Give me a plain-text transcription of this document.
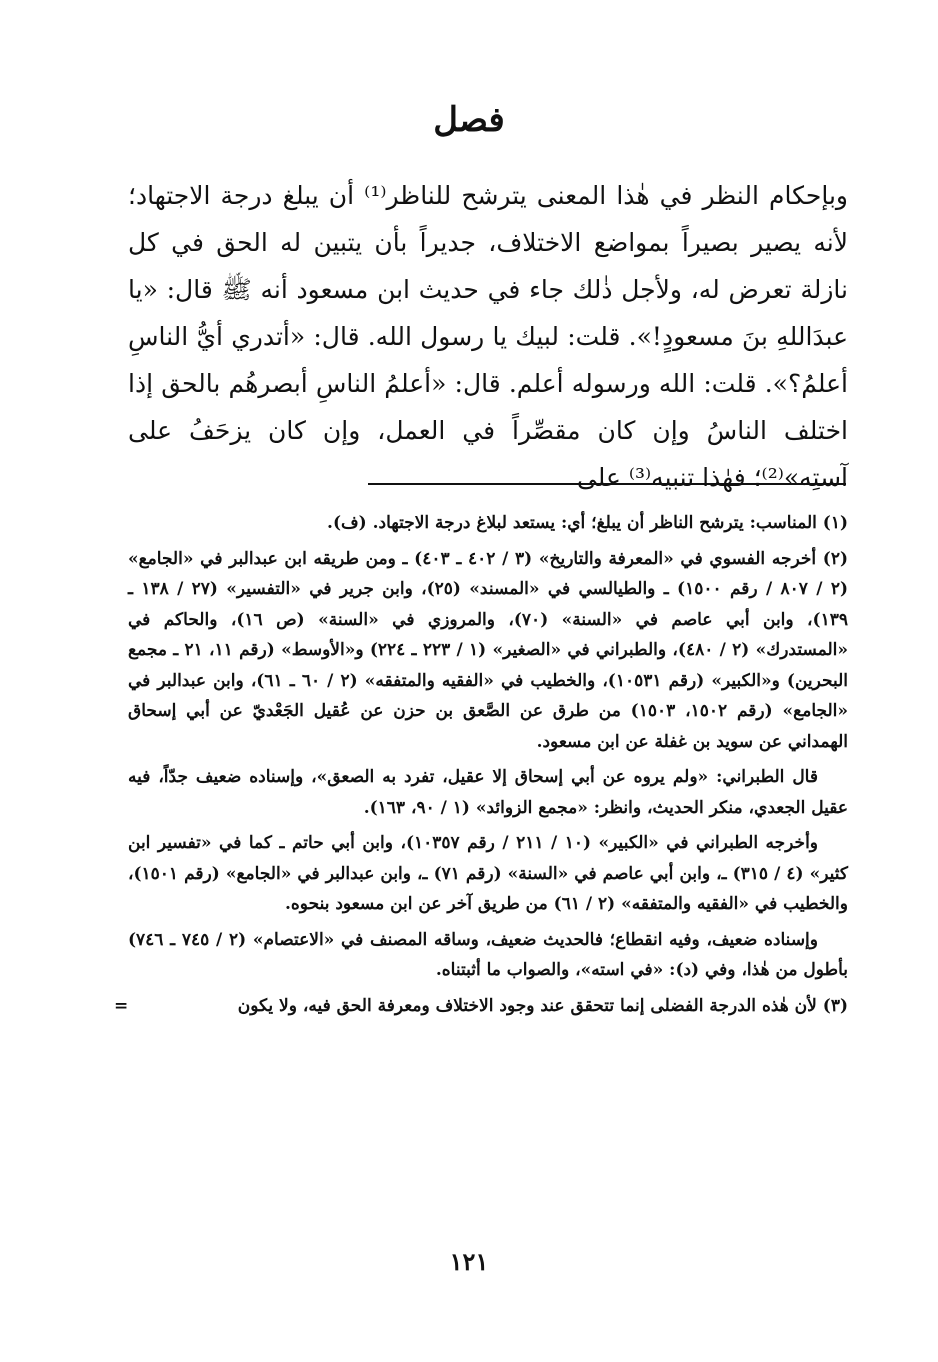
فصل

وبإحكام النظر في هٰذا المعنى يترشح للناظر⁽¹⁾ أن يبلغ درجة الاجتهاد؛ لأنه يصير بصيراً بمواضع الاختلاف، جديراً بأن يتبين له الحق في كل نازلة تعرض له، ولأجل ذٰلك جاء في حديث ابن مسعود أنه ﷺ قال: «يا عبدَاللهِ بنَ مسعودٍ!». قلت: لبيك يا رسول الله. قال: «أتدري أيُّ الناسِ أعلمُ؟». قلت: الله ورسوله أعلم. قال: «أعلمُ الناسِ أبصرهُم بالحق إذا اختلف الناسُ وإن كان مقصِّراً في العمل، وإن كان يزحَفُ على آستِه»⁽²⁾؛ فهٰذا تنبيه⁽³⁾ على

(١) المناسب: يترشح الناظر أن يبلغ؛ أي: يستعد لبلاغ درجة الاجتهاد. (ف).

(٢) أخرجه الفسوي في «المعرفة والتاريخ» (٣ / ٤٠٢ ـ ٤٠٣) ـ ومن طريقه ابن عبدالبر في «الجامع» (٢ / ٨٠٧ / رقم ١٥٠٠) ـ والطيالسي في «المسند» (٢٥)، وابن جرير في «التفسير» (٢٧ / ١٣٨ ـ ١٣٩)، وابن أبي عاصم في «السنة» (٧٠)، والمروزي في «السنة» (ص ١٦)، والحاكم في «المستدرك» (٢ / ٤٨٠)، والطبراني في «الصغير» (١ / ٢٢٣ ـ ٢٢٤) و«الأوسط» (رقم ١١، ٢١ ـ مجمع البحرين) و«الكبير» (رقم ١٠٥٣١)، والخطيب في «الفقيه والمتفقه» (٢ / ٦٠ ـ ٦١)، وابن عبدالبر في «الجامع» (رقم ١٥٠٢، ١٥٠٣) من طرق عن الصَّعق بن حزن عن عُقيل الجَعْديّ عن أبي إسحاق الهمداني عن سويد بن غفلة عن ابن مسعود.

قال الطبراني: «ولم يروه عن أبي إسحاق إلا عقيل، تفرد به الصعق»، وإسناده ضعيف جدّاً، فيه عقيل الجعدي، منكر الحديث، وانظر: «مجمع الزوائد» (١ / ٩٠، ١٦٣).

وأخرجه الطبراني في «الكبير» (١٠ / ٢١١ / رقم ١٠٣٥٧)، وابن أبي حاتم ـ كما في «تفسير ابن كثير» (٤ / ٣١٥) ـ، وابن أبي عاصم في «السنة» (رقم ٧١) ـ، وابن عبدالبر في «الجامع» (رقم ١٥٠١)، والخطيب في «الفقيه والمتفقه» (٢ / ٦١) من طريق آخر عن ابن مسعود بنحوه.

وإسناده ضعيف، وفيه انقطاع؛ فالحديث ضعيف، وساقه المصنف في «الاعتصام» (٢ / ٧٤٥ ـ ٧٤٦) بأطول من هٰذا، وفي (د): «في استه»، والصواب ما أثبتناه.

(٣) لأن هٰذه الدرجة الفضلى إنما تتحقق عند وجود الاختلاف ومعرفة الحق فيه، ولا يكون
=

١٢١
